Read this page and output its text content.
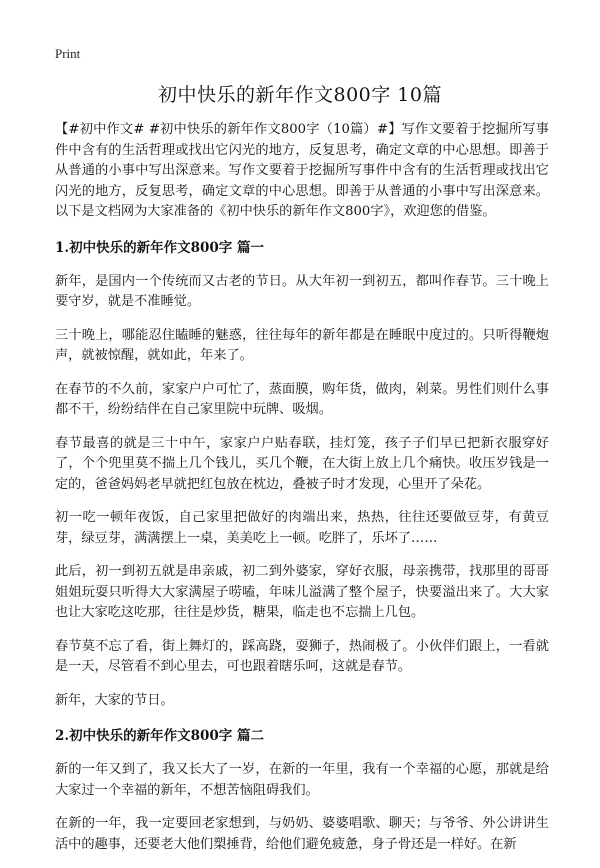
Print
初中快乐的新年作文800字 10篇

【#初中作文# #初中快乐的新年作文800字（10篇）#】写作文要着于挖掘所写事件中含有的生活哲理或找出它闪光的地方，反复思考，确定文章的中心思想。即善于从普通的小事中写出深意来。写作文要着于挖掘所写事件中含有的生活哲理或找出它闪光的地方，反复思考，确定文章的中心思想。即善于从普通的小事中写出深意来。以下是文档网为大家准备的《初中快乐的新年作文800字》，欢迎您的借鉴。

1.初中快乐的新年作文800字 篇一

新年，是国内一个传统而又古老的节日。从大年初一到初五，都叫作春节。三十晚上要守岁，就是不准睡觉。

三十晚上，哪能忍住瞌睡的魅惑，往往每年的新年都是在睡眠中度过的。只听得鞭炮声，就被惊醒，就如此，年来了。

在春节的不久前，家家户户可忙了，蒸面膜，购年货，做肉，剁菜。男性们则什么事都不干，纷纷结伴在自己家里院中玩牌、吸烟。

春节最喜的就是三十中午，家家户户贴春联，挂灯笼，孩子子们早已把新衣服穿好了，个个兜里莫不揣上几个钱儿，买几个鞭，在大街上放上几个痛快。收压岁钱是一定的，爸爸妈妈老早就把红包放在枕边，叠被子时才发现，心里开了朵花。

初一吃一顿年夜饭，自己家里把做好的肉端出来，热热，往往还要做豆芽，有黄豆芽，绿豆芽，满满摆上一桌，美美吃上一顿。吃胖了，乐坏了……

此后，初一到初五就是串亲戚，初二到外婆家，穿好衣服，母亲携带，找那里的哥哥姐姐玩耍只听得大大家满屋子唠嗑，年味儿溢满了整个屋子，快要溢出来了。大大家也让大家吃这吃那，往往是炒货，糖果，临走也不忘揣上几包。

春节莫不忘了看，街上舞灯的，踩高跷，耍狮子，热闹极了。小伙伴们跟上，一看就是一天，尽管看不到心里去，可也跟着瞎乐呵，这就是春节。

新年，大家的节日。

2.初中快乐的新年作文800字 篇二

新的一年又到了，我又长大了一岁，在新的一年里，我有一个幸福的心愿，那就是给大家过一个幸福的新年，不想苦恼阻碍我们。

在新的一年，我一定要回老家想到，与奶奶、婆婆唱歌、聊天；与爷爷、外公讲讲生活中的趣事，还要老大他们槊捶背，给他们避免疲惫，身子骨还是一样好。在新
